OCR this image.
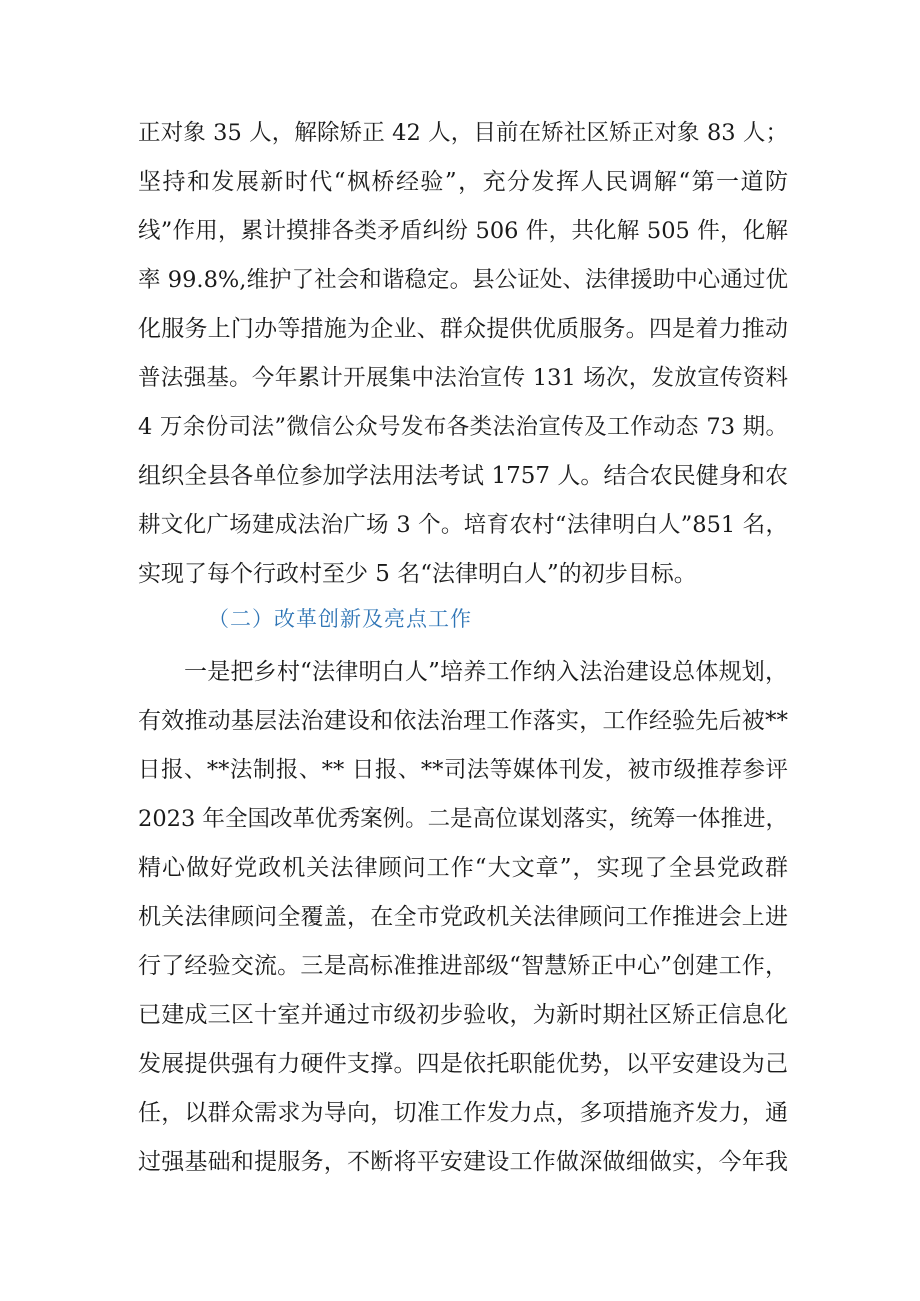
正对象 35 人，解除矫正 42 人，目前在矫社区矫正对象 83 人；
坚持和发展新时代“枫桥经验”，充分发挥人民调解“第一道防
线”作用，累计摸排各类矛盾纠纷 506 件，共化解 505 件，化解
率 99.8%,维护了社会和谐稳定。县公证处、法律援助中心通过优
化服务上门办等措施为企业、群众提供优质服务。四是着力推动
普法强基。今年累计开展集中法治宣传 131 场次，发放宣传资料
4 万余份司法”微信公众号发布各类法治宣传及工作动态 73 期。
组织全县各单位参加学法用法考试 1757 人。结合农民健身和农
耕文化广场建成法治广场 3 个。培育农村“法律明白人”851 名，
实现了每个行政村至少 5 名“法律明白人”的初步目标。
（二）改革创新及亮点工作
一是把乡村“法律明白人”培养工作纳入法治建设总体规划，
有效推动基层法治建设和依法治理工作落实，工作经验先后被**
日报、**法制报、** 日报、**司法等媒体刊发，被市级推荐参评
2023 年全国改革优秀案例。二是高位谋划落实，统筹一体推进，
精心做好党政机关法律顾问工作“大文章”，实现了全县党政群
机关法律顾问全覆盖，在全市党政机关法律顾问工作推进会上进
行了经验交流。三是高标准推进部级“智慧矫正中心”创建工作，
已建成三区十室并通过市级初步验收，为新时期社区矫正信息化
发展提供强有力硬件支撑。四是依托职能优势，以平安建设为己
任，以群众需求为导向，切准工作发力点，多项措施齐发力，通
过强基础和提服务，不断将平安建设工作做深做细做实，今年我
